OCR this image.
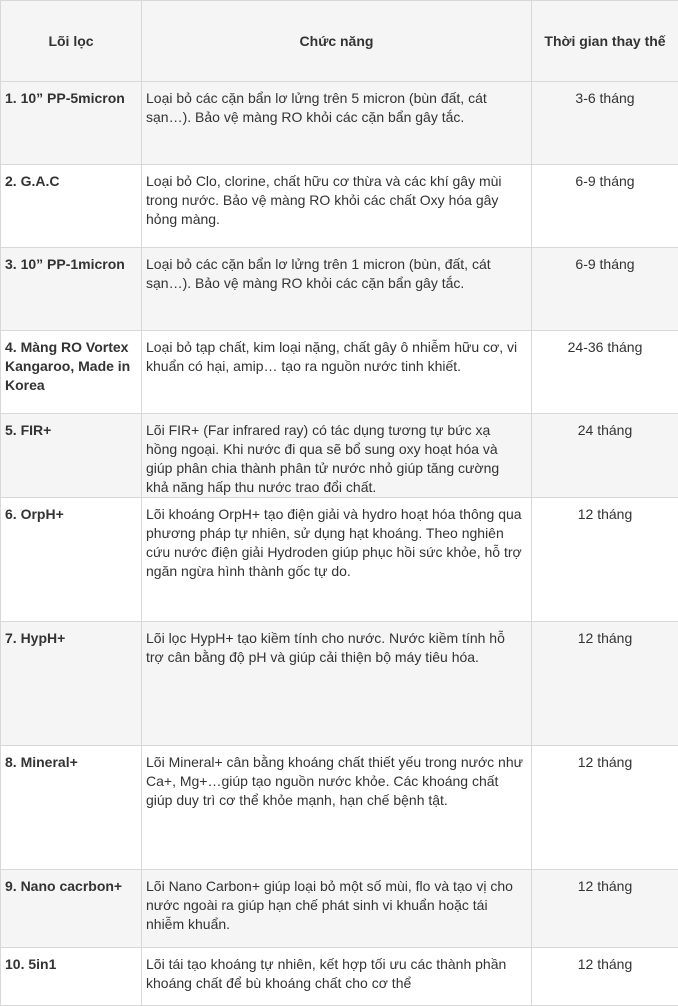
Lõi lọc	Chức năng	Thời gian thay thế
1. 10” PP-5micron	Loại bỏ các cặn bẩn lơ lửng trên 5 micron (bùn đất, cát sạn…). Bảo vệ màng RO khỏi các cặn bẩn gây tắc.	3-6 tháng
2. G.A.C	Loại bỏ Clo, clorine, chất hữu cơ thừa và các khí gây mùi trong nước. Bảo vệ màng RO khỏi các chất Oxy hóa gây hỏng màng.	6-9 tháng
3. 10” PP-1micron	Loại bỏ các cặn bẩn lơ lửng trên 1 micron (bùn, đất, cát sạn…). Bảo vệ màng RO khỏi các cặn bẩn gây tắc.	6-9 tháng
4. Màng RO Vortex Kangaroo, Made in Korea	Loại bỏ tạp chất, kim loại nặng, chất gây ô nhiễm hữu cơ, vi khuẩn có hại, amip… tạo ra nguồn nước tinh khiết.	24-36 tháng
5. FIR+	Lõi FIR+ (Far infrared ray) có tác dụng tương tự bức xạ hồng ngoại. Khi nước đi qua sẽ bổ sung oxy hoạt hóa và giúp phân chia thành phân tử nước nhỏ giúp tăng cường khả năng hấp thu nước trao đổi chất.	24 tháng
6. OrpH+	Lõi khoáng OrpH+ tạo điện giải và hydro hoạt hóa thông qua phương pháp tự nhiên, sử dụng hạt khoáng. Theo nghiên cứu nước điện giải Hydroden giúp phục hồi sức khỏe, hỗ trợ ngăn ngừa hình thành gốc tự do.	12 tháng
7. HypH+	Lõi lọc HypH+ tạo kiềm tính cho nước. Nước kiềm tính hỗ trợ cân bằng độ pH và giúp cải thiện bộ máy tiêu hóa.	12 tháng
8. Mineral+	Lõi Mineral+ cân bằng khoáng chất thiết yếu trong nước như Ca+, Mg+…giúp tạo nguồn nước khỏe. Các khoáng chất giúp duy trì cơ thể khỏe mạnh, hạn chế bệnh tật.	12 tháng
9. Nano cacrbon+	Lõi Nano Carbon+ giúp loại bỏ một số mùi, flo và tạo vị cho nước ngoài ra giúp hạn chế phát sinh vi khuẩn hoặc tái nhiễm khuẩn.	12 tháng
10. 5in1	Lõi tái tạo khoáng tự nhiên, kết hợp tối ưu các thành phần khoáng chất để bù khoáng chất cho cơ thể	12 tháng
